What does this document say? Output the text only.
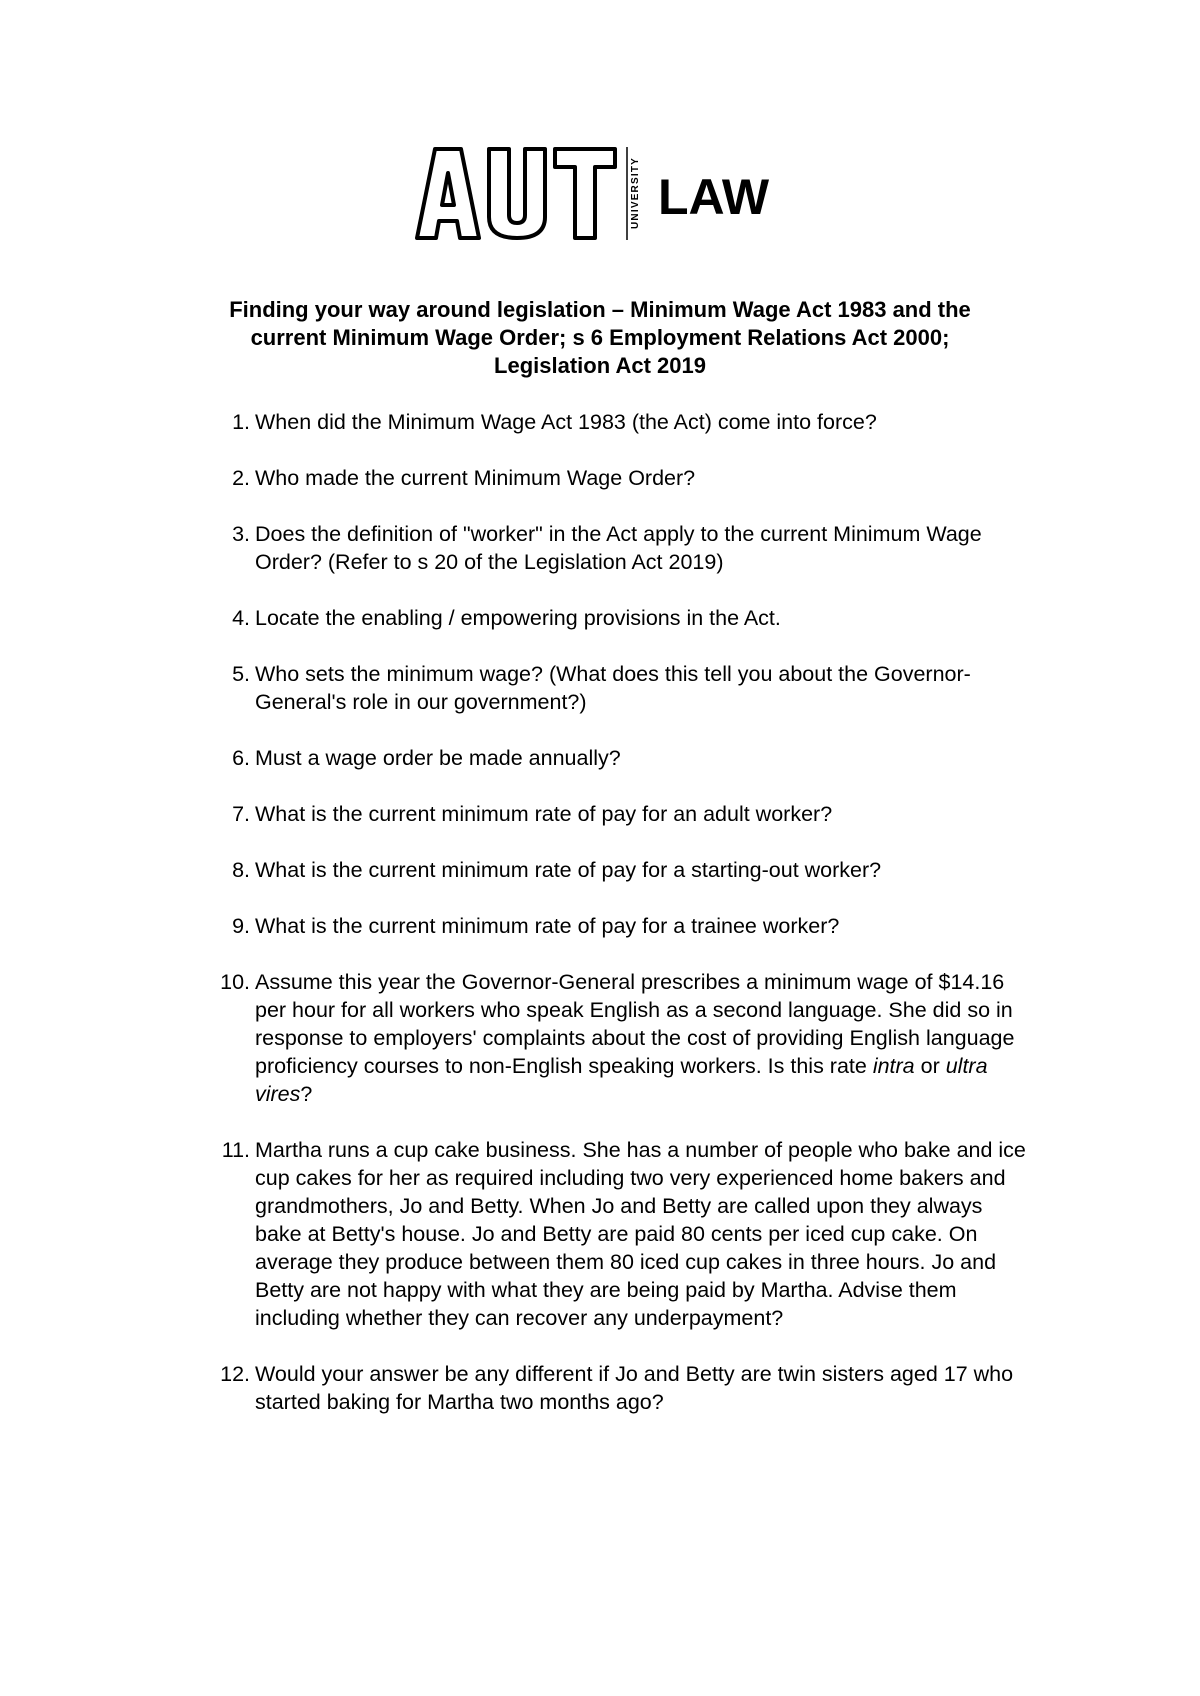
UNIVERSITY LAW
Finding your way around legislation – Minimum Wage Act 1983 and the
current Minimum Wage Order; s 6 Employment Relations Act 2000;
Legislation Act 2019
1. When did the Minimum Wage Act 1983 (the Act) come into force?
2. Who made the current Minimum Wage Order?
3. Does the definition of "worker" in the Act apply to the current Minimum Wage Order? (Refer to s 20 of the Legislation Act 2019)
4. Locate the enabling / empowering provisions in the Act.
5. Who sets the minimum wage? (What does this tell you about the Governor-General's role in our government?)
6. Must a wage order be made annually?
7. What is the current minimum rate of pay for an adult worker?
8. What is the current minimum rate of pay for a starting-out worker?
9. What is the current minimum rate of pay for a trainee worker?
10. Assume this year the Governor-General prescribes a minimum wage of $14.16 per hour for all workers who speak English as a second language. She did so in response to employers' complaints about the cost of providing English language proficiency courses to non-English speaking workers. Is this rate intra or ultra vires?
11. Martha runs a cup cake business. She has a number of people who bake and ice cup cakes for her as required including two very experienced home bakers and grandmothers, Jo and Betty. When Jo and Betty are called upon they always bake at Betty's house. Jo and Betty are paid 80 cents per iced cup cake. On average they produce between them 80 iced cup cakes in three hours. Jo and Betty are not happy with what they are being paid by Martha. Advise them including whether they can recover any underpayment?
12. Would your answer be any different if Jo and Betty are twin sisters aged 17 who started baking for Martha two months ago?
